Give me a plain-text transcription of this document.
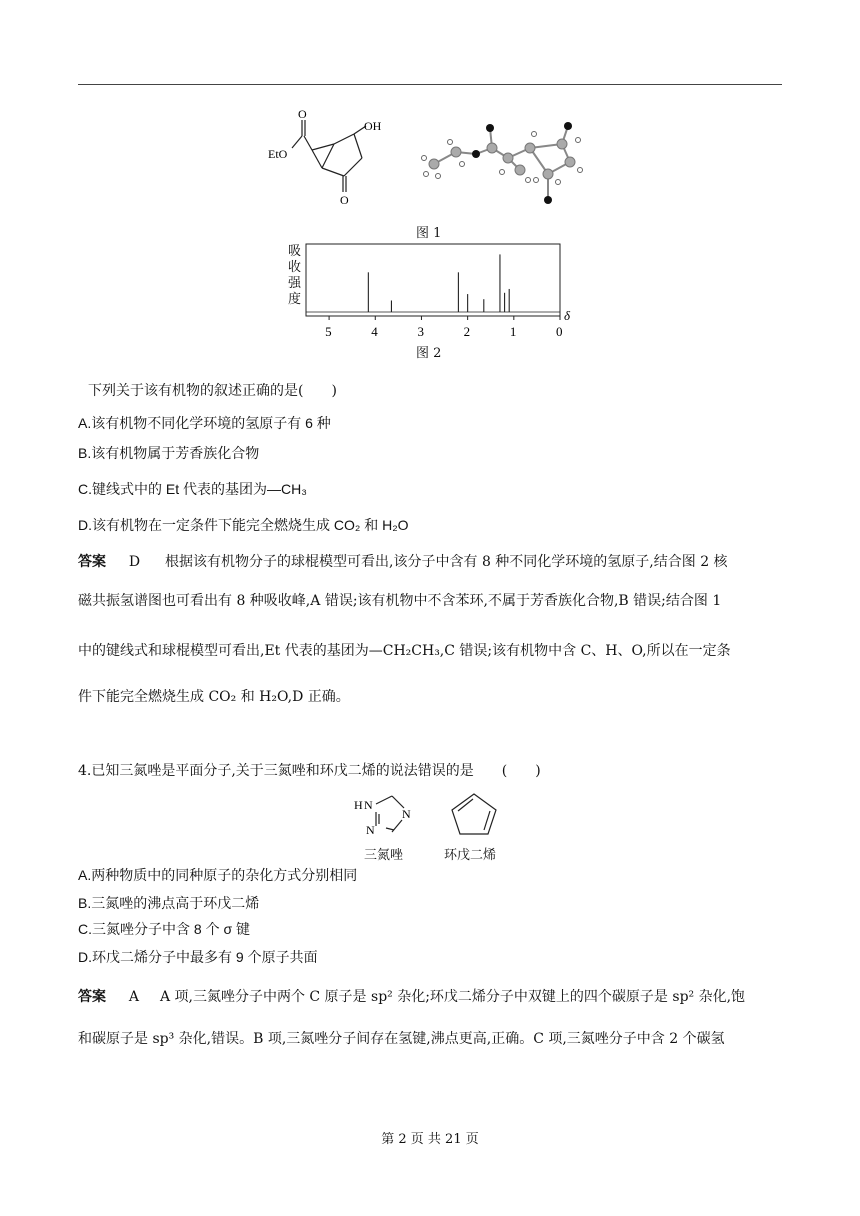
OH
O
EtO
O
图 1
吸
收
强
度
5	4	3	2	1	0
δ
图 2
下列关于该有机物的叙述正确的是(　　)
A.该有机物不同化学环境的氢原子有 6 种
B.该有机物属于芳香族化合物
C.键线式中的 Et 代表的基团为—CH₃
D.该有机物在一定条件下能完全燃烧生成 CO₂ 和 H₂O
答案 D 根据该有机物分子的球棍模型可看出,该分子中含有 8 种不同化学环境的氢原子,结合图 2 核
磁共振氢谱图也可看出有 8 种吸收峰,A 错误;该有机物中不含苯环,不属于芳香族化合物,B 错误;结合图 1
中的键线式和球棍模型可看出,Et 代表的基团为—CH₂CH₃,C 错误;该有机物中含 C、H、O,所以在一定条
件下能完全燃烧生成 CO₂ 和 H₂O,D 正确。
4.已知三氮唑是平面分子,关于三氮唑和环戊二烯的说法错误的是　　(　　)
H N
N
N
三氮唑	环戊二烯
A.两种物质中的同种原子的杂化方式分别相同
B.三氮唑的沸点高于环戊二烯
C.三氮唑分子中含 8 个 σ 键
D.环戊二烯分子中最多有 9 个原子共面
答案 A A 项,三氮唑分子中两个 C 原子是 sp² 杂化;环戊二烯分子中双键上的四个碳原子是 sp² 杂化,饱
和碳原子是 sp³ 杂化,错误。B 项,三氮唑分子间存在氢键,沸点更高,正确。C 项,三氮唑分子中含 2 个碳氢
第 2 页 共 21 页
